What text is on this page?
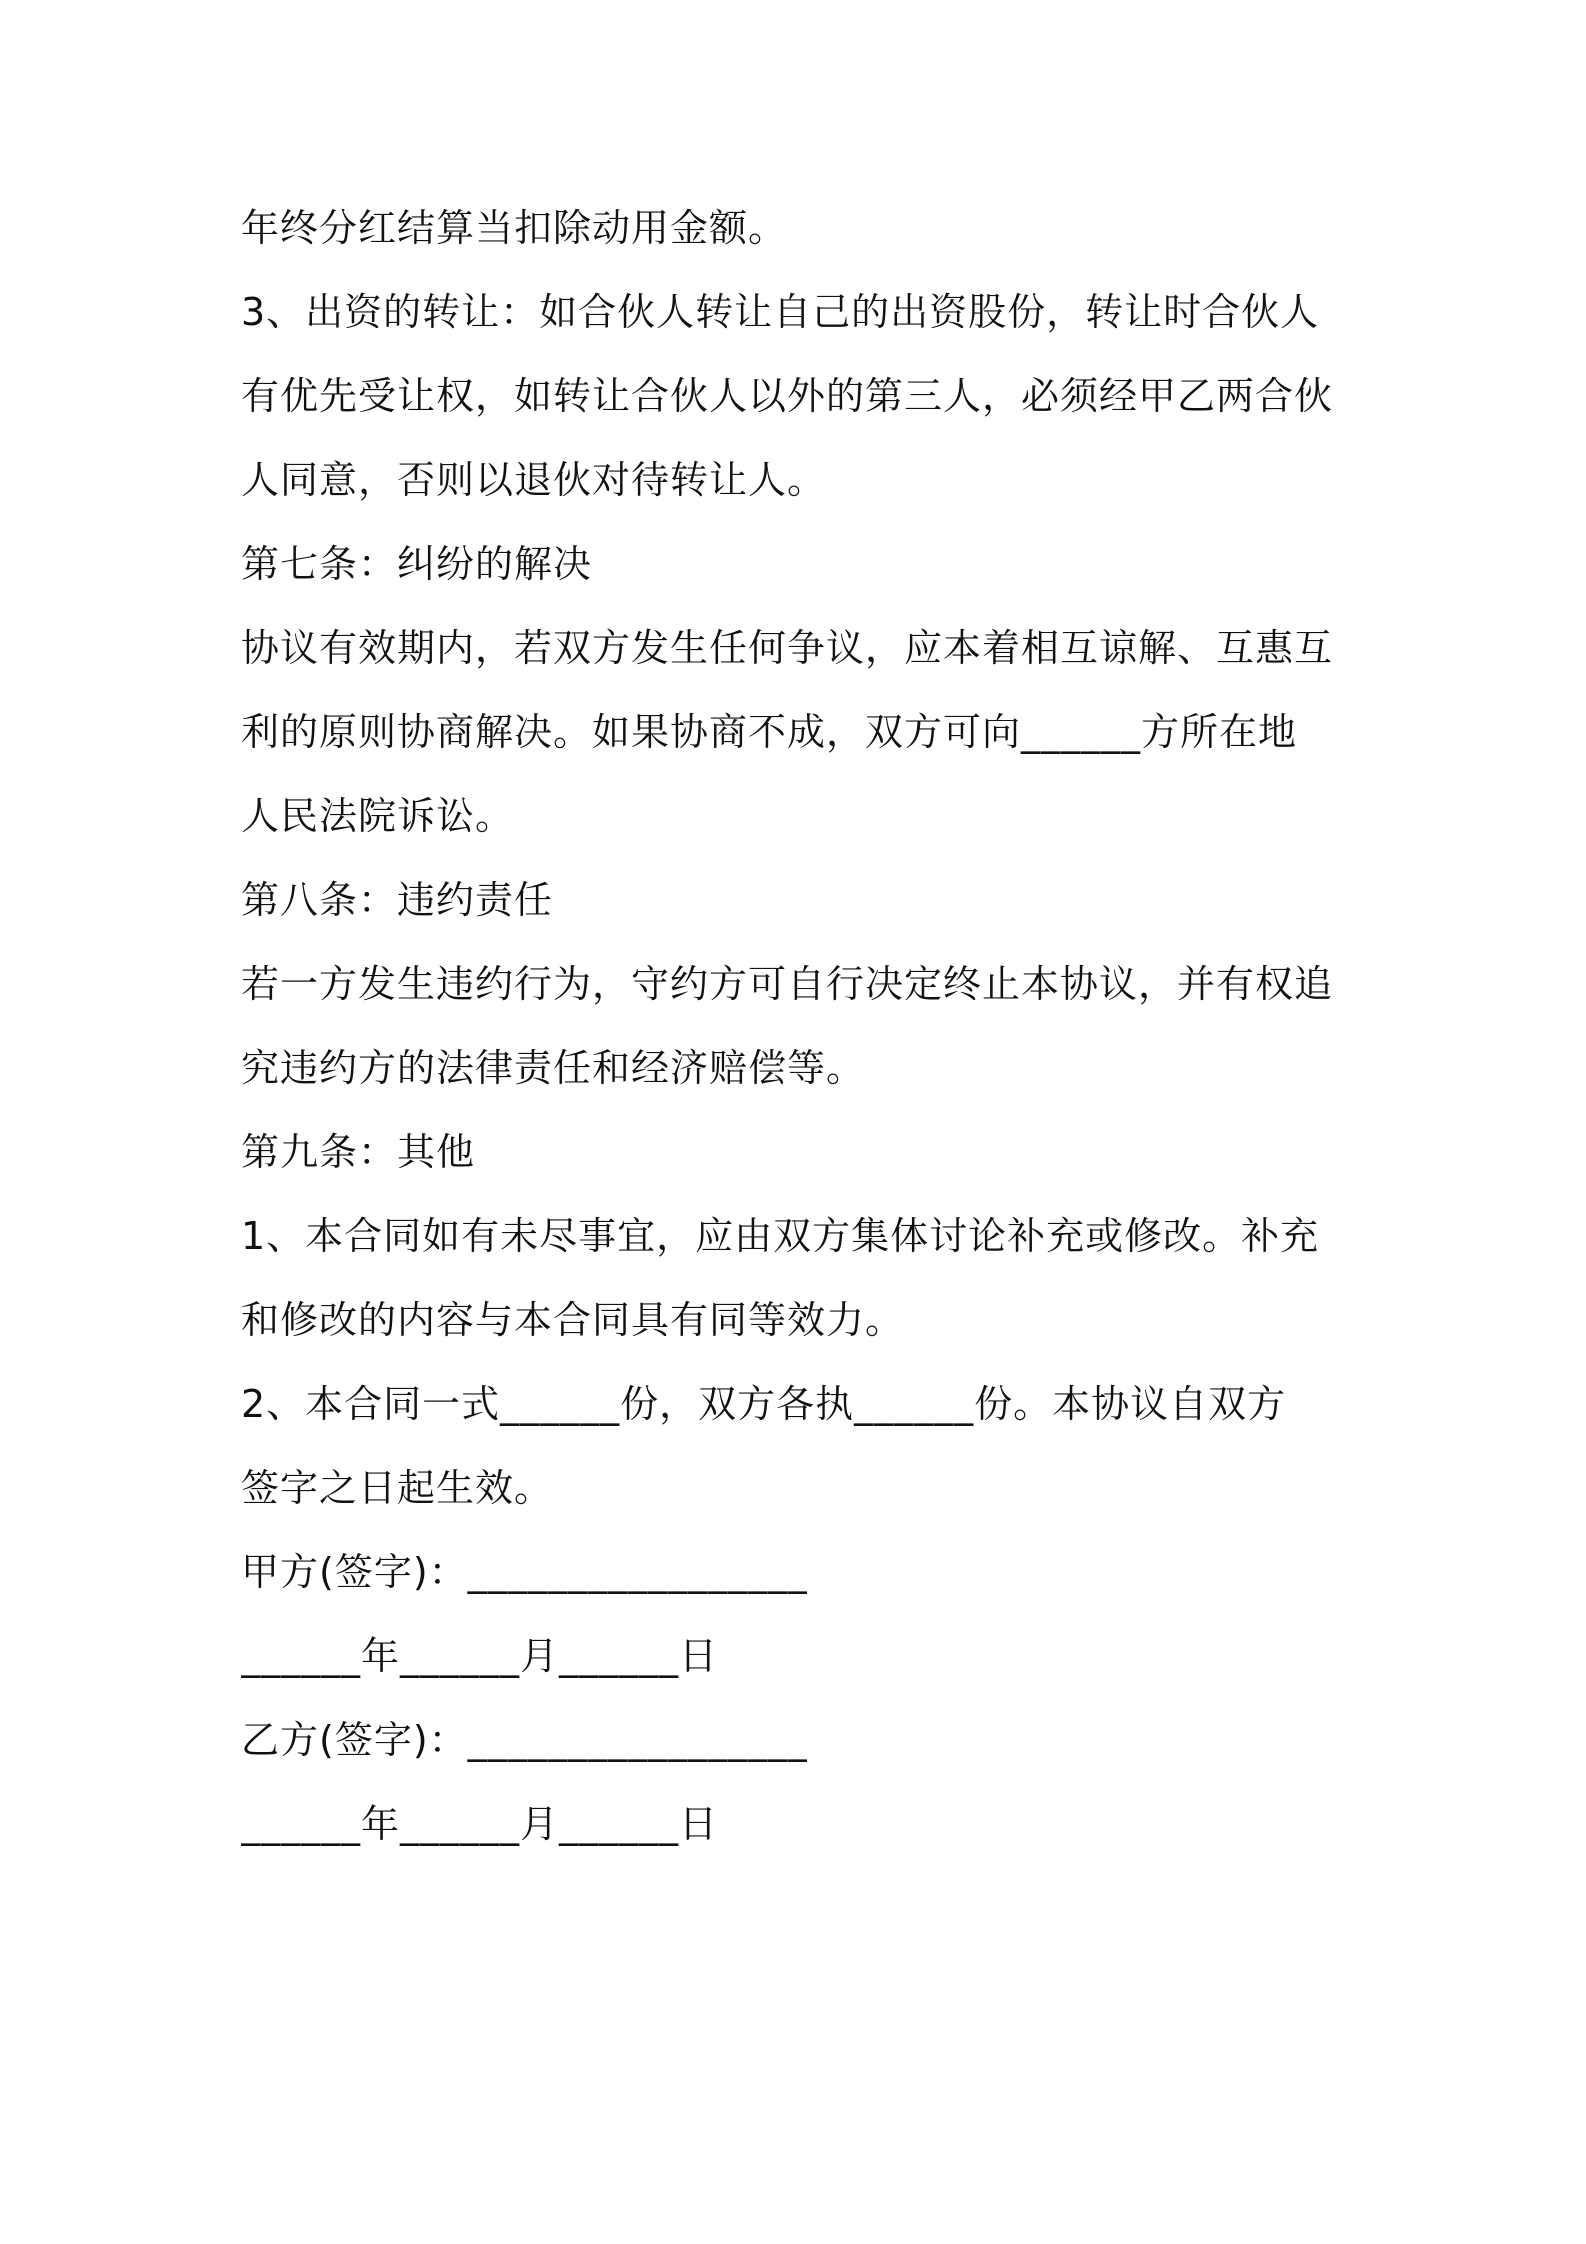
年终分红结算当扣除动用金额。
3、出资的转让：如合伙人转让自己的出资股份，转让时合伙人
有优先受让权，如转让合伙人以外的第三人，必须经甲乙两合伙
人同意，否则以退伙对待转让人。
第七条：纠纷的解决
协议有效期内，若双方发生任何争议，应本着相互谅解、互惠互
利的原则协商解决。如果协商不成，双方可向______方所在地
人民法院诉讼。
第八条：违约责任
若一方发生违约行为，守约方可自行决定终止本协议，并有权追
究违约方的法律责任和经济赔偿等。
第九条：其他
1、本合同如有未尽事宜，应由双方集体讨论补充或修改。补充
和修改的内容与本合同具有同等效力。
2、本合同一式______份，双方各执______份。本协议自双方
签字之日起生效。
甲方(签字)：_________________
______年______月______日
乙方(签字)：_________________
______年______月______日
